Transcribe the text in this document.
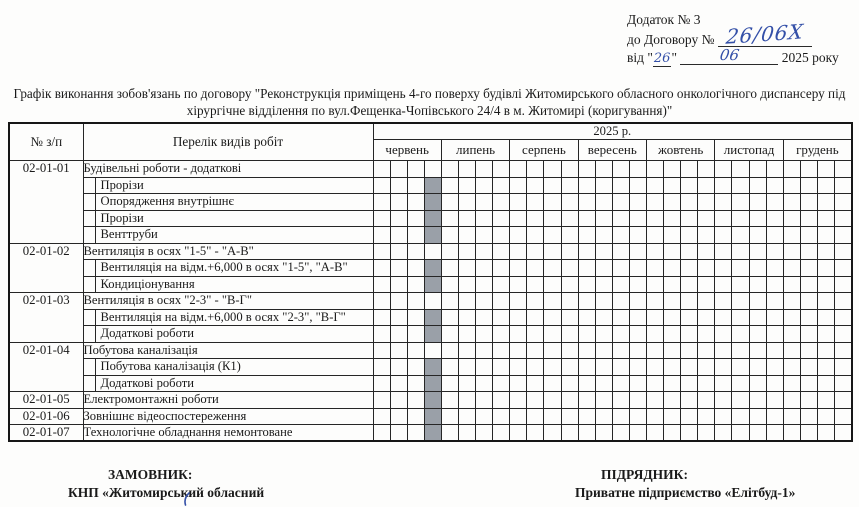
Додаток № 3
до Договору № 26/06Х
від "26"	06	2025 року
Графік виконання зобов'язань по договору "Реконструкція приміщень 4-го поверху будівлі Житомирського обласного онкологічного диспансеру під
хірургічне відділення по вул.Фещенка-Чопівського 24/4 в м. Житомирі (коригування)"
№ з/п	Перелік видів робіт	2025 р.																											
		червень				липень				серпень				вересень				жовтень				листопад				грудень			
02-01-01	Будівельні роботи - додаткові																												
	Прорізи																												
	Опорядження внутрішнє																												
	Прорізи																												
	Венттруби																												
02-01-02	Вентиляція в осях "1-5" - "А-В"																												
	Вентиляція на відм.+6,000 в осях "1-5", "А-В"																												
	Кондиціонування																												
02-01-03	Вентиляція в осях "2-3" - "В-Г"																												
	Вентиляція на відм.+6,000 в осях "2-3", "В-Г"																												
	Додаткові роботи																												
02-01-04	Побутова каналізація																												
	Побутова каналізація (К1)																												
	Додаткові роботи																												
02-01-05	Електромонтажні роботи																												
02-01-06	Зовнішнє відеоспостереження																												
02-01-07	Технологічне обладнання немонтоване																												
ЗАМОВНИК:
КНП «Житомирський обласний
ПІДРЯДНИК:
Приватне підприємство «Елітбуд-1»
